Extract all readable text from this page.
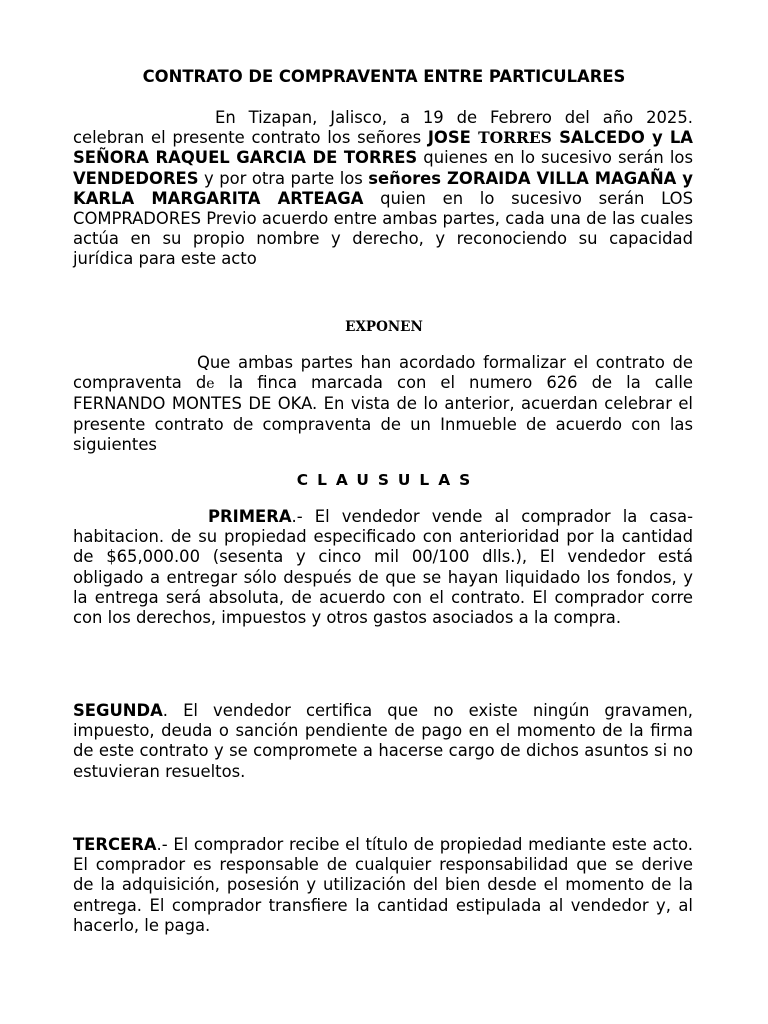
CONTRATO DE COMPRAVENTA ENTRE PARTICULARES
En Tizapan, Jalisco, a 19 de Febrero del año 2025. celebran el presente contrato los señores JOSE TORRES SALCEDO y LA SEÑORA RAQUEL GARCIA DE TORRES quienes en lo sucesivo serán los VENDEDORES y por otra parte los señores ZORAIDA VILLA MAGAÑA y KARLA MARGARITA ARTEAGA quien en lo sucesivo serán LOS COMPRADORES Previo acuerdo entre ambas partes, cada una de las cuales actúa en su propio nombre y derecho, y reconociendo su capacidad jurídica para este acto
EXPONEN
Que ambas partes han acordado formalizar el contrato de compraventa de la finca marcada con el numero 626 de la calle FERNANDO MONTES DE OKA. En vista de lo anterior, acuerdan celebrar el presente contrato de compraventa de un Inmueble de acuerdo con las siguientes
CLAUSULAS
PRIMERA.- El vendedor vende al comprador la casa-habitacion. de su propiedad especificado con anterioridad por la cantidad de $65,000.00 (sesenta y cinco mil 00/100 dlls.), El vendedor está obligado a entregar sólo después de que se hayan liquidado los fondos, y la entrega será absoluta, de acuerdo con el contrato. El comprador corre con los derechos, impuestos y otros gastos asociados a la compra.
SEGUNDA. El vendedor certifica que no existe ningún gravamen, impuesto, deuda o sanción pendiente de pago en el momento de la firma de este contrato y se compromete a hacerse cargo de dichos asuntos si no estuvieran resueltos.
TERCERA.- El comprador recibe el título de propiedad mediante este acto. El comprador es responsable de cualquier responsabilidad que se derive de la adquisición, posesión y utilización del bien desde el momento de la entrega. El comprador transfiere la cantidad estipulada al vendedor y, al hacerlo, le paga.
